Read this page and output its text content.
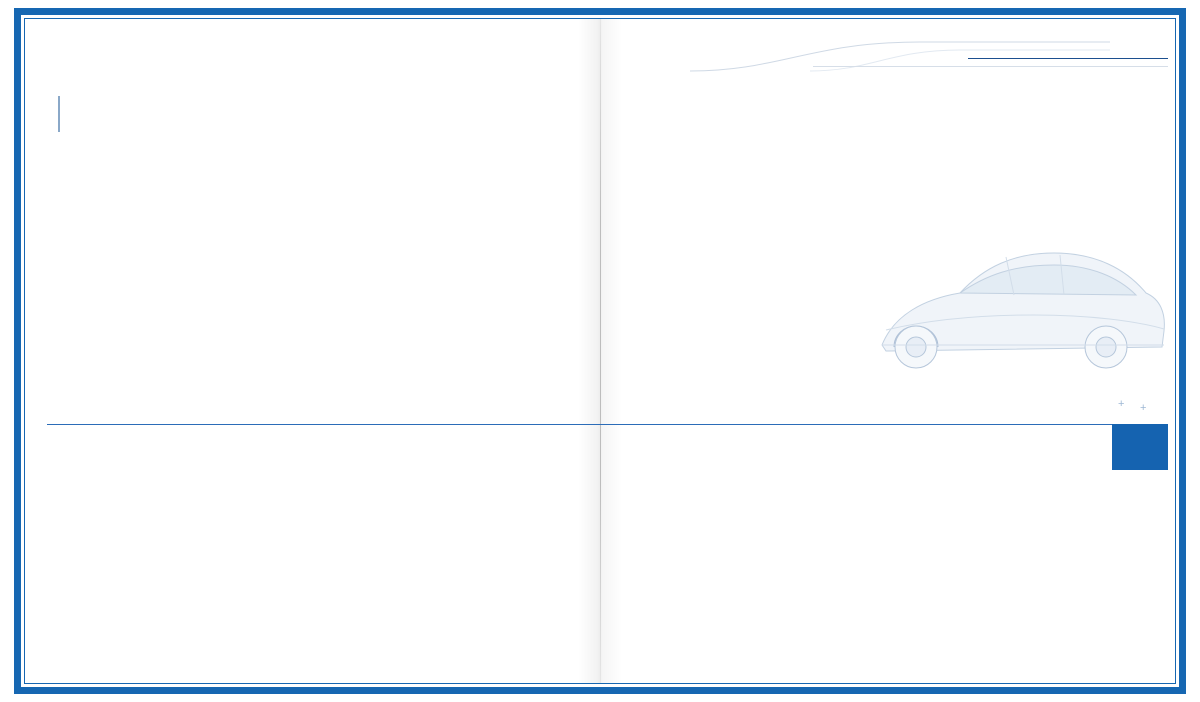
+ +
